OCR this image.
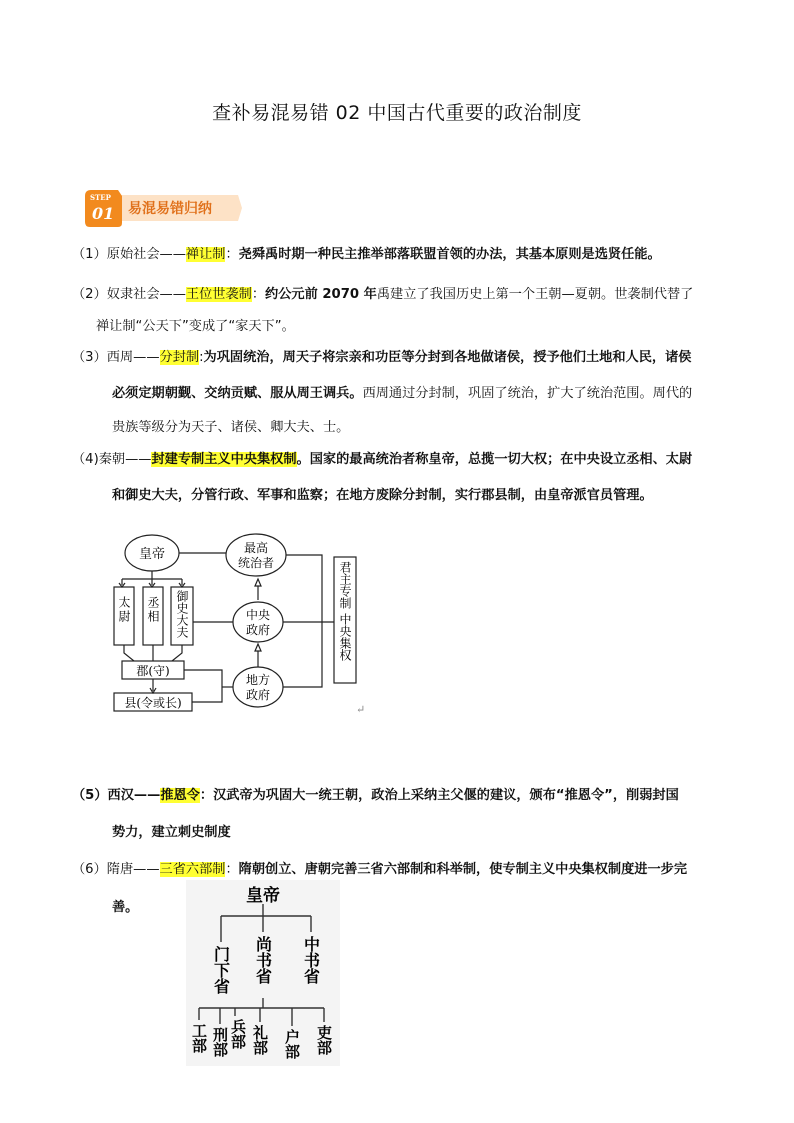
查补易混易错 02 中国古代重要的政治制度
STEP
01 易混易错归纳
（1）原始社会——禅让制：尧舜禹时期一种民主推举部落联盟首领的办法，其基本原则是选贤任能。
（2）奴隶社会——王位世袭制：约公元前 2070 年禹建立了我国历史上第一个王朝—夏朝。世袭制代替了
禅让制“公天下”变成了“家天下”。
（3）西周——分封制:为巩固统治，周天子将宗亲和功臣等分封到各地做诸侯，授予他们土地和人民，诸侯
必须定期朝觐、交纳贡赋、服从周王调兵。西周通过分封制，巩固了统治，扩大了统治范围。周代的
贵族等级分为天子、诸侯、卿大夫、士。
（4)秦朝——封建专制主义中央集权制。国家的最高统治者称皇帝，总揽一切大权；在中央设立丞相、太尉
和御史大夫，分管行政、军事和监察；在地方废除分封制，实行郡县制，由皇帝派官员管理。
皇帝	最高
统治者
中央
政府
地方
政府
太尉 丞相 御史大夫
郡(守)
县(令或长)
君主专制 中央集权
↵
（5）西汉——推恩令：汉武帝为巩固大一统王朝，政治上采纳主父偃的建议，颁布“推恩令”，削弱封国
势力，建立刺史制度
（6）隋唐——三省六部制：隋朝创立、唐朝完善三省六部制和科举制，使专制主义中央集权制度进一步完
善。
皇帝
门下省 尚书省 中书省
工部 刑部 兵部 礼部 户部 吏部
